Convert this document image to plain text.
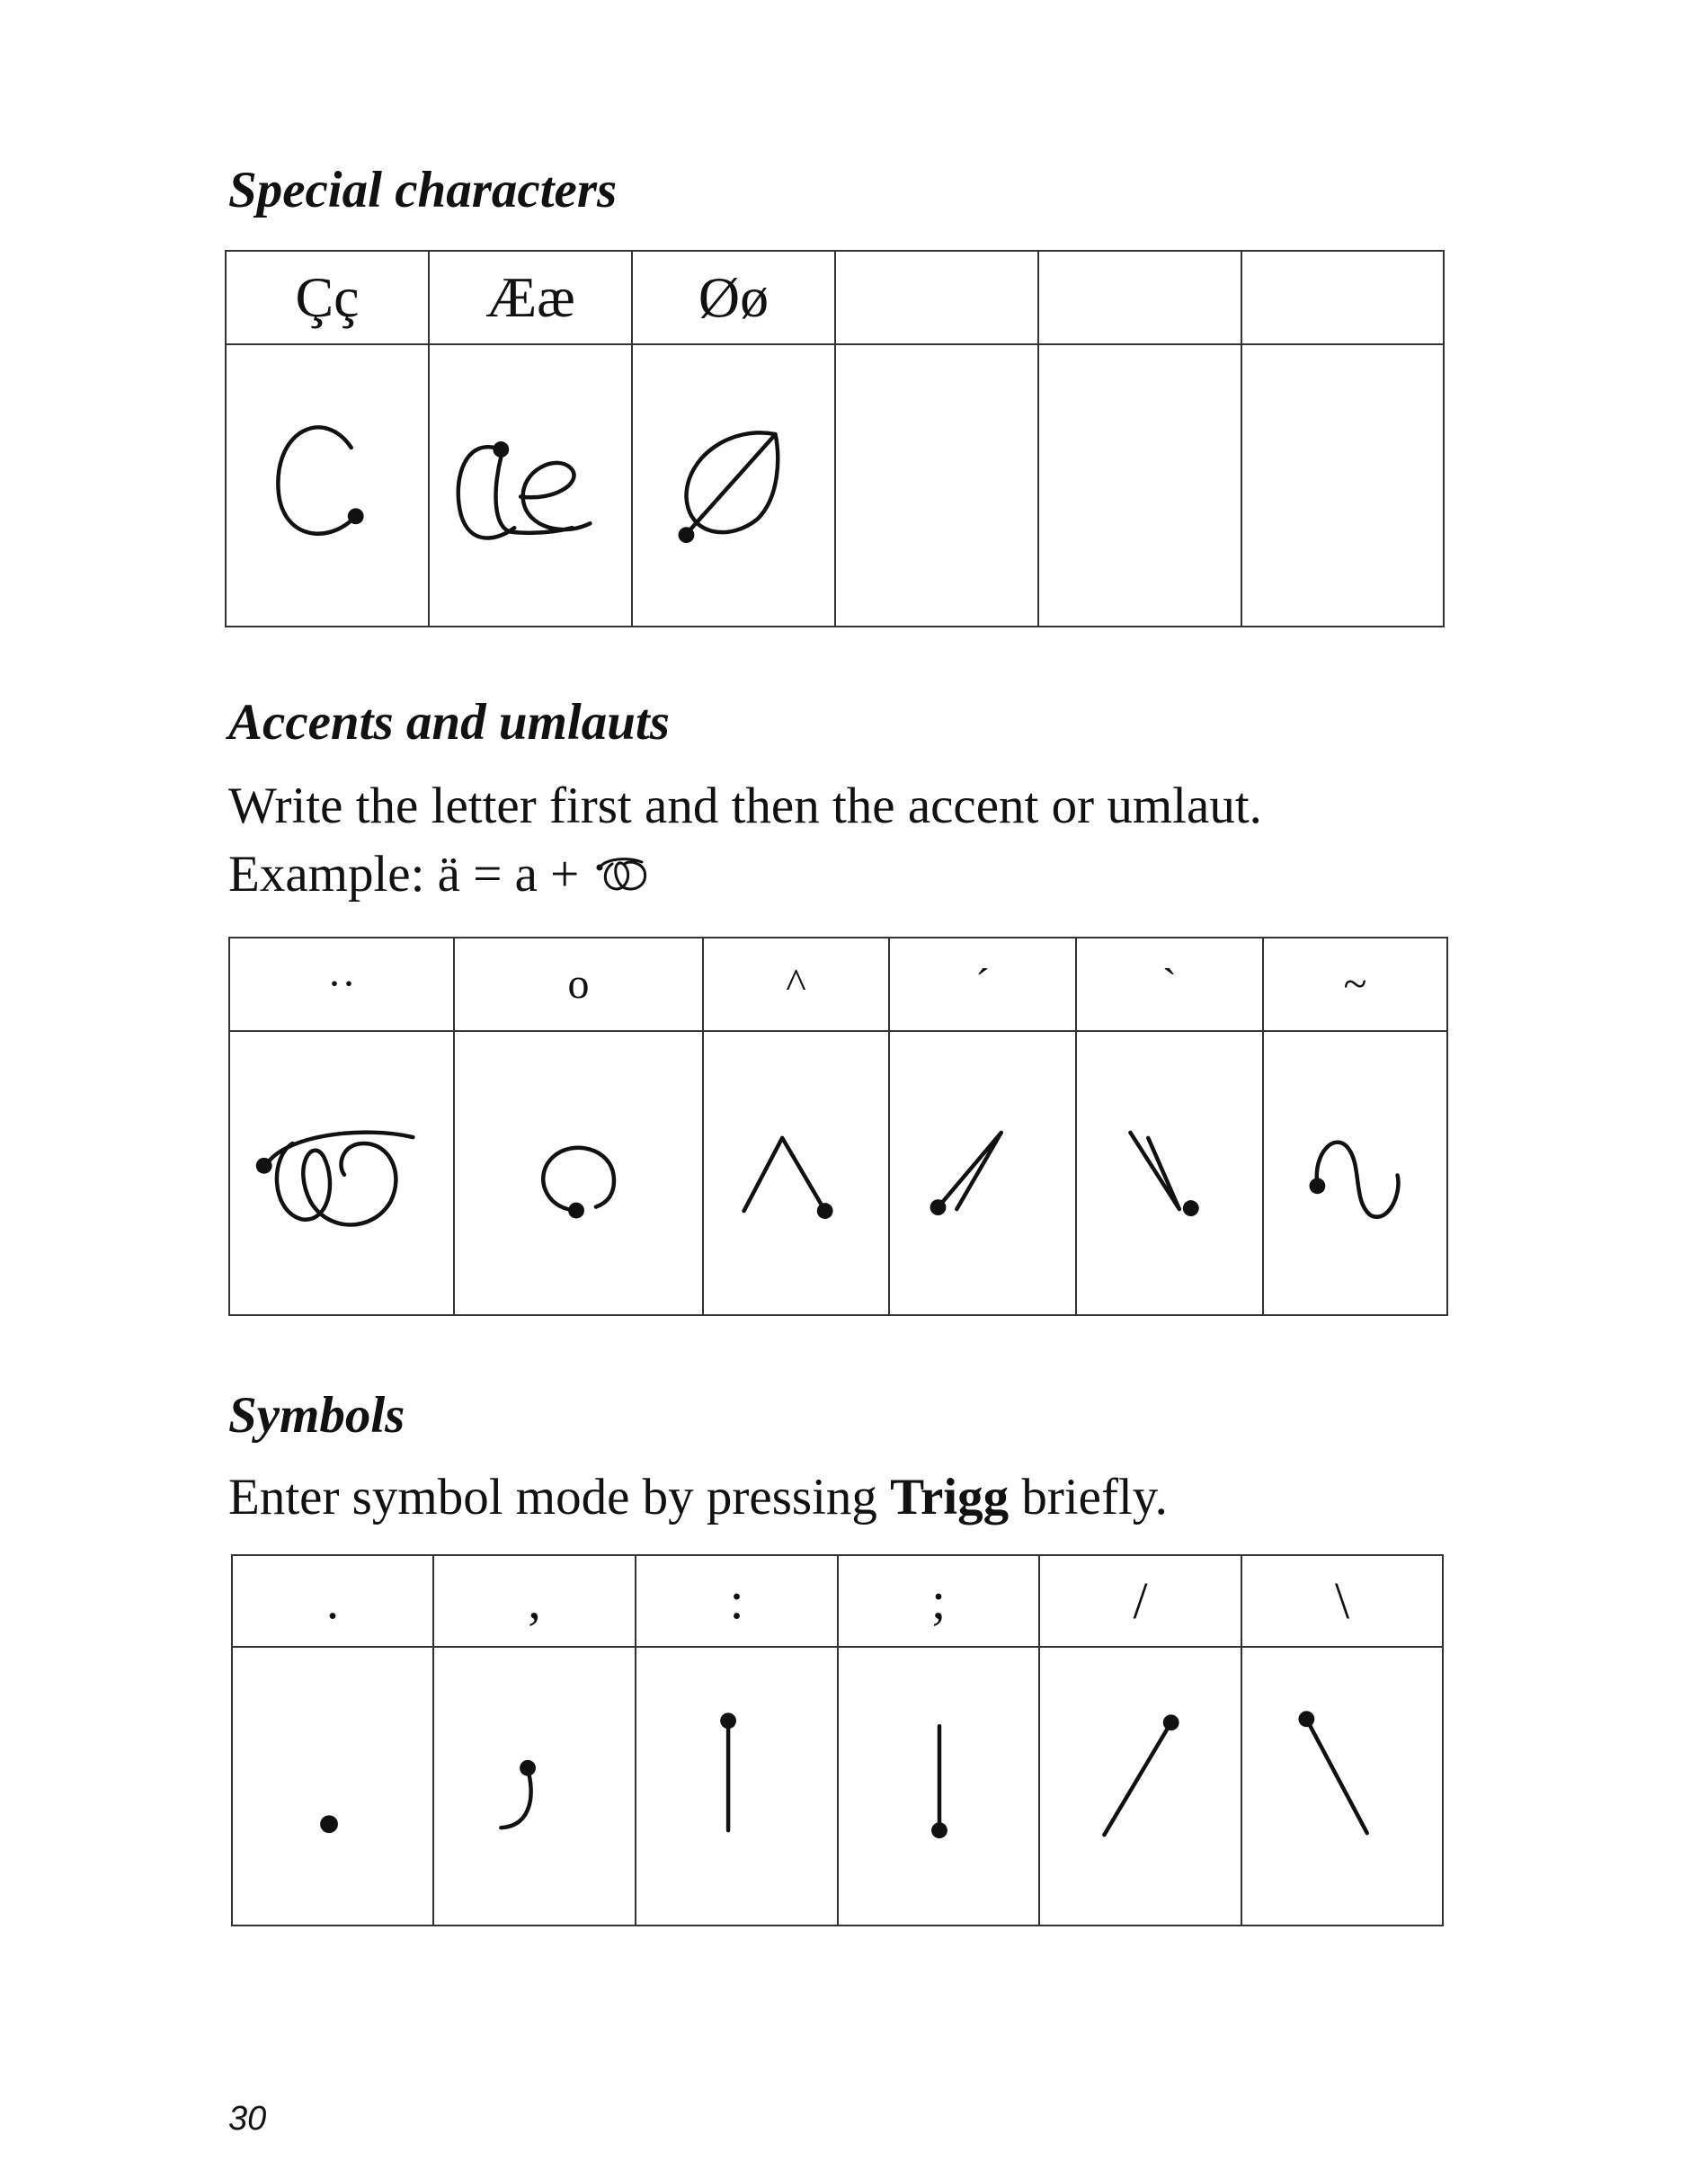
Special characters
Çç	Ææ	Øø			

Accents and umlauts

Write the letter first and then the accent or umlaut.

Example: ä = a +

··	o	^	´	`	~

Symbols

Enter symbol mode by pressing Trigg briefly.

.	,	:	;	/	\

30
